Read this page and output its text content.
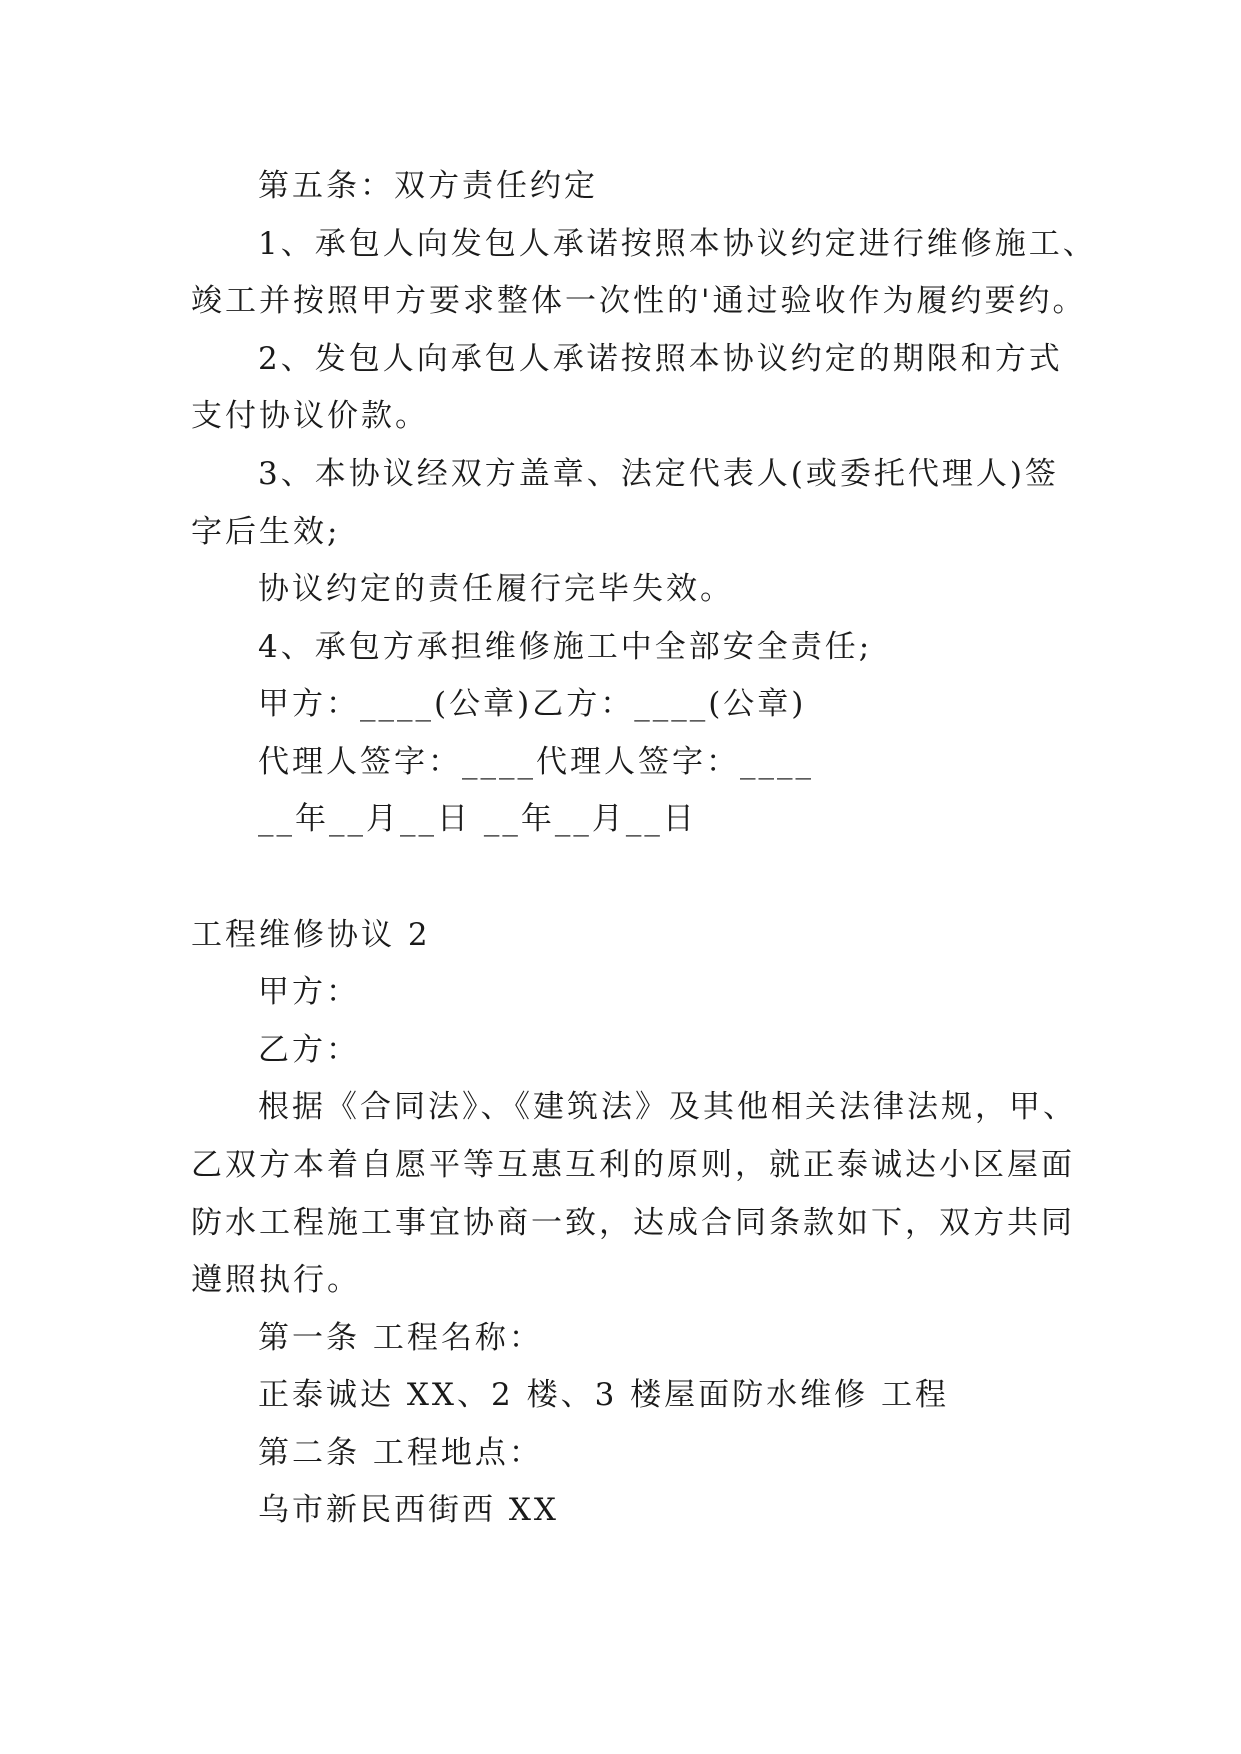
第五条：双方责任约定
1、承包人向发包人承诺按照本协议约定进行维修施工、
竣工并按照甲方要求整体一次性的'通过验收作为履约要约。
2、发包人向承包人承诺按照本协议约定的期限和方式
支付协议价款。
3、本协议经双方盖章、法定代表人(或委托代理人)签
字后生效;
协议约定的责任履行完毕失效。
4、承包方承担维修施工中全部安全责任;
甲方：____(公章)乙方：____(公章)
代理人签字：____代理人签字：____
__年__月__日 __年__月__日
工程维修协议 2
甲方：
乙方：
根据《合同法》、《建筑法》及其他相关法律法规，甲、
乙双方本着自愿平等互惠互利的原则，就正泰诚达小区屋面
防水工程施工事宜协商一致，达成合同条款如下，双方共同
遵照执行。
第一条 工程名称：
正泰诚达 XX、2 楼、3 楼屋面防水维修 工程
第二条 工程地点：
乌市新民西街西 XX
